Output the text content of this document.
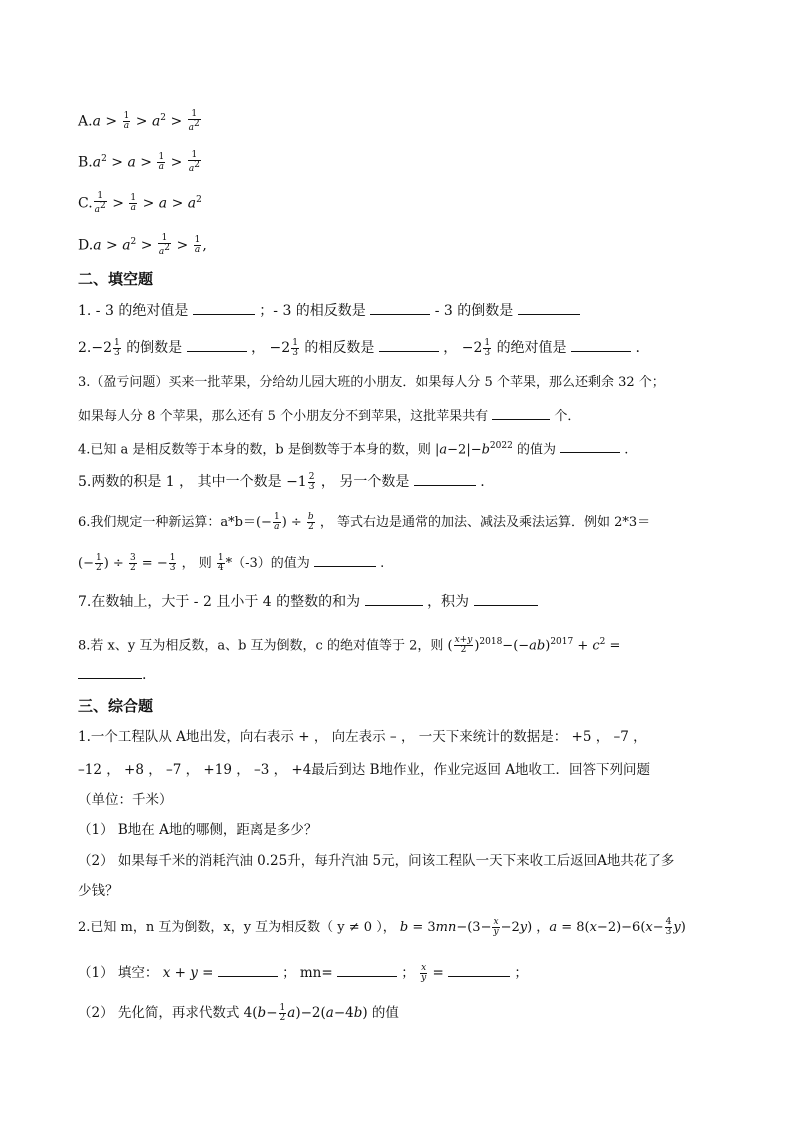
$A.a > \frac{1}{a} > a^2 > \frac{1}{a^2}$
$B.a^2 > a > \frac{1}{a} > \frac{1}{a^2}$
C. $\frac{1}{a^2} > \frac{1}{a} > a > a^2$
$D.a > a^2 > \frac{1}{a^2} > \frac{1}{a}$ ,
二、填空题
1. - 3 的绝对值是	；- 3 的相反数是	- 3 的倒数是
$2.-2 \frac{1}{3}$ 的倒数是	， $-2 \frac{1}{3}$ 的相反数是	， $-2 \frac{1}{3}$ 的绝对值是	.
3.（盈亏问题）买来一批苹果，分给幼儿园大班的小朋友．如果每人分 5 个苹果，那么还剩余 32 个；
如果每人分 8 个苹果，那么还有 5 个小朋友分不到苹果，这批苹果共有	个．
4.已知 a 是相反数等于本身的数，b 是倒数等于本身的数，则 $|a-2|-b^{2022}$ 的值为	.
5.两数的积是 1 ， 其中一个数是 $-1 \frac{2}{3}$ ， 另一个数是	.
6.我们规定一种新运算：$a*b=(- \frac{1}{a}$ ) ÷ $\frac{b}{2}$ ， 等式右边是通常的加法、减法及乘法运算．例如 2*3＝
(− $\frac{1}{2}$ ) ÷ $\frac{3}{2}$ = − $\frac{1}{3}$ ， 则 $\frac{1}{4} *(-3)$的值为	.
7.在数轴上，大于 - 2 且小于 4 的整数的和为	，积为
8.若 x、y 互为相反数，a、b 互为倒数，c 的绝对值等于 2，则 ( $\frac{x+y}{2} )^{2018}-(-ab)^{2017} + c^2$ =
.
三、综合题
1.一个工程队从 A地出发，向右表示 + ， 向左表示 – ， 一天下来统计的数据是： +5 ， –7 ，
–12 ， +8 ， –7 ， +19 ， –3 ， +4最后到达 B地作业，作业完返回 A地收工．回答下列问题
（单位：千米）
（1） B地在 A地的哪侧，距离是多少？
（2） 如果每千米的消耗汽油 0.25升，每升汽油 5元，问该工程队一天下来收工后返回A地共花了多
少钱？
2.已知 m，n 互为倒数，x，y 互为相反数（ y ≠ 0 ）， $b = 3mn-(3- \frac{x}{y} -2y)$ ，$a = 8(x-2)-6(x- \frac{4}{3} y)$
（1） 填空： x + y =	； mn=	； $\frac{x}{y}$ =	；
（2） 先化简，再求代数式 $4(b- \frac{1}{2} a)-2(a-4b)$ 的值
